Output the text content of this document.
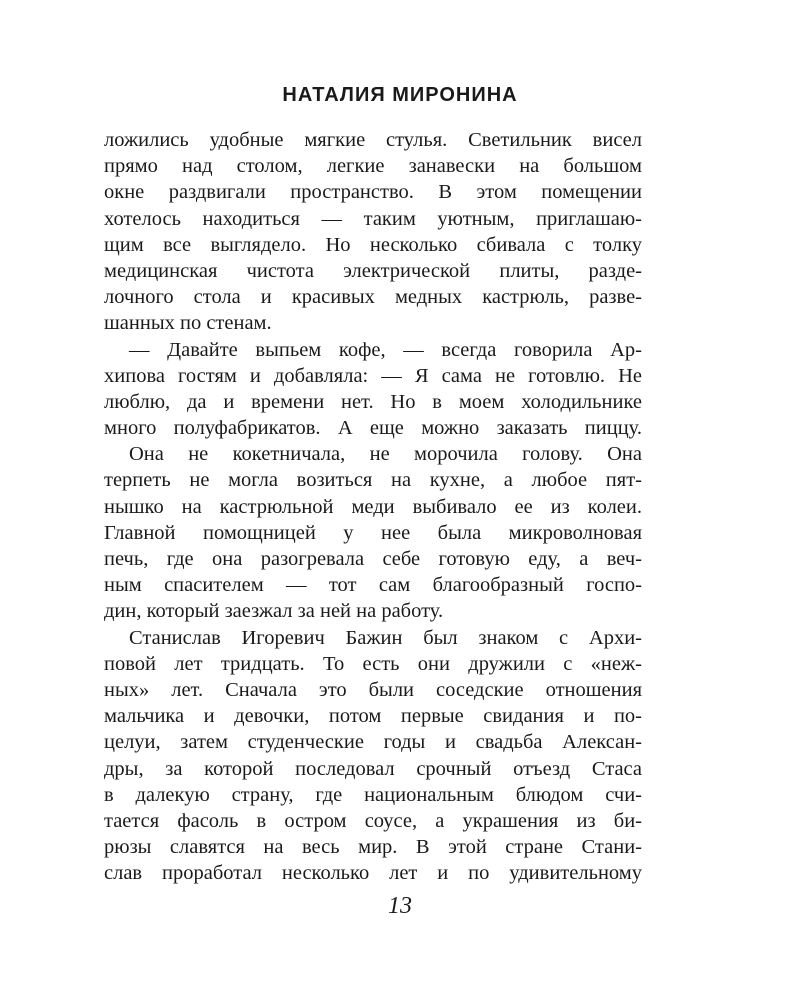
НАТАЛИЯ МИРОНИНА
ложились удобные мягкие стулья. Светильник висел
прямо над столом, легкие занавески на большом
окне раздвигали пространство. В этом помещении
хотелось находиться — таким уютным, приглашаю-
щим все выглядело. Но несколько сбивала с толку
медицинская чистота электрической плиты, разде-
лочного стола и красивых медных кастрюль, разве-
шанных по стенам.
— Давайте выпьем кофе, — всегда говорила Ар-
хипова гостям и добавляла: — Я сама не готовлю. Не
люблю, да и времени нет. Но в моем холодильнике
много полуфабрикатов. А еще можно заказать пиццу.
Она не кокетничала, не морочила голову. Она
терпеть не могла возиться на кухне, а любое пят-
нышко на кастрюльной меди выбивало ее из колеи.
Главной помощницей у нее была микроволновая
печь, где она разогревала себе готовую еду, а веч-
ным спасителем — тот сам благообразный госпо-
дин, который заезжал за ней на работу.
Станислав Игоревич Бажин был знаком с Архи-
повой лет тридцать. То есть они дружили с «неж-
ных» лет. Сначала это были соседские отношения
мальчика и девочки, потом первые свидания и по-
целуи, затем студенческие годы и свадьба Алексан-
дры, за которой последовал срочный отъезд Стаса
в далекую страну, где национальным блюдом счи-
тается фасоль в остром соусе, а украшения из би-
рюзы славятся на весь мир. В этой стране Стани-
слав проработал несколько лет и по удивительному
13
